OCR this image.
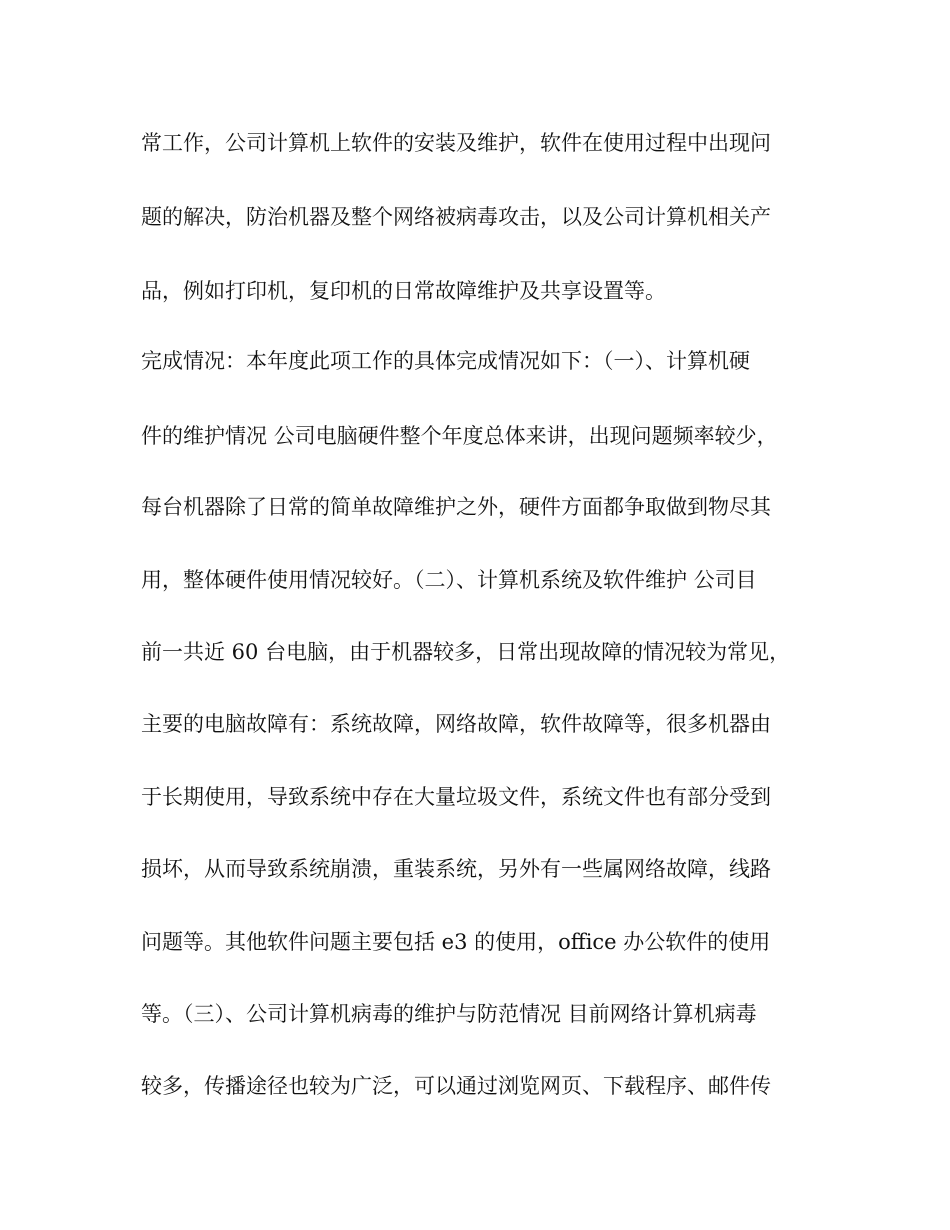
常工作，公司计算机上软件的安装及维护，软件在使用过程中出现问
题的解决，防治机器及整个网络被病毒攻击，以及公司计算机相关产
品，例如打印机，复印机的日常故障维护及共享设置等。
完成情况：本年度此项工作的具体完成情况如下：（一）、计算机硬
件的维护情况 公司电脑硬件整个年度总体来讲，出现问题频率较少，
每台机器除了日常的简单故障维护之外，硬件方面都争取做到物尽其
用，整体硬件使用情况较好。（二）、计算机系统及软件维护 公司目
前一共近 60 台电脑，由于机器较多，日常出现故障的情况较为常见，
主要的电脑故障有：系统故障，网络故障，软件故障等，很多机器由
于长期使用，导致系统中存在大量垃圾文件，系统文件也有部分受到
损坏，从而导致系统崩溃，重装系统，另外有一些属网络故障，线路
问题等。其他软件问题主要包括 e3 的使用，office 办公软件的使用
等。（三）、公司计算机病毒的维护与防范情况 目前网络计算机病毒
较多，传播途径也较为广泛，可以通过浏览网页、下载程序、邮件传
